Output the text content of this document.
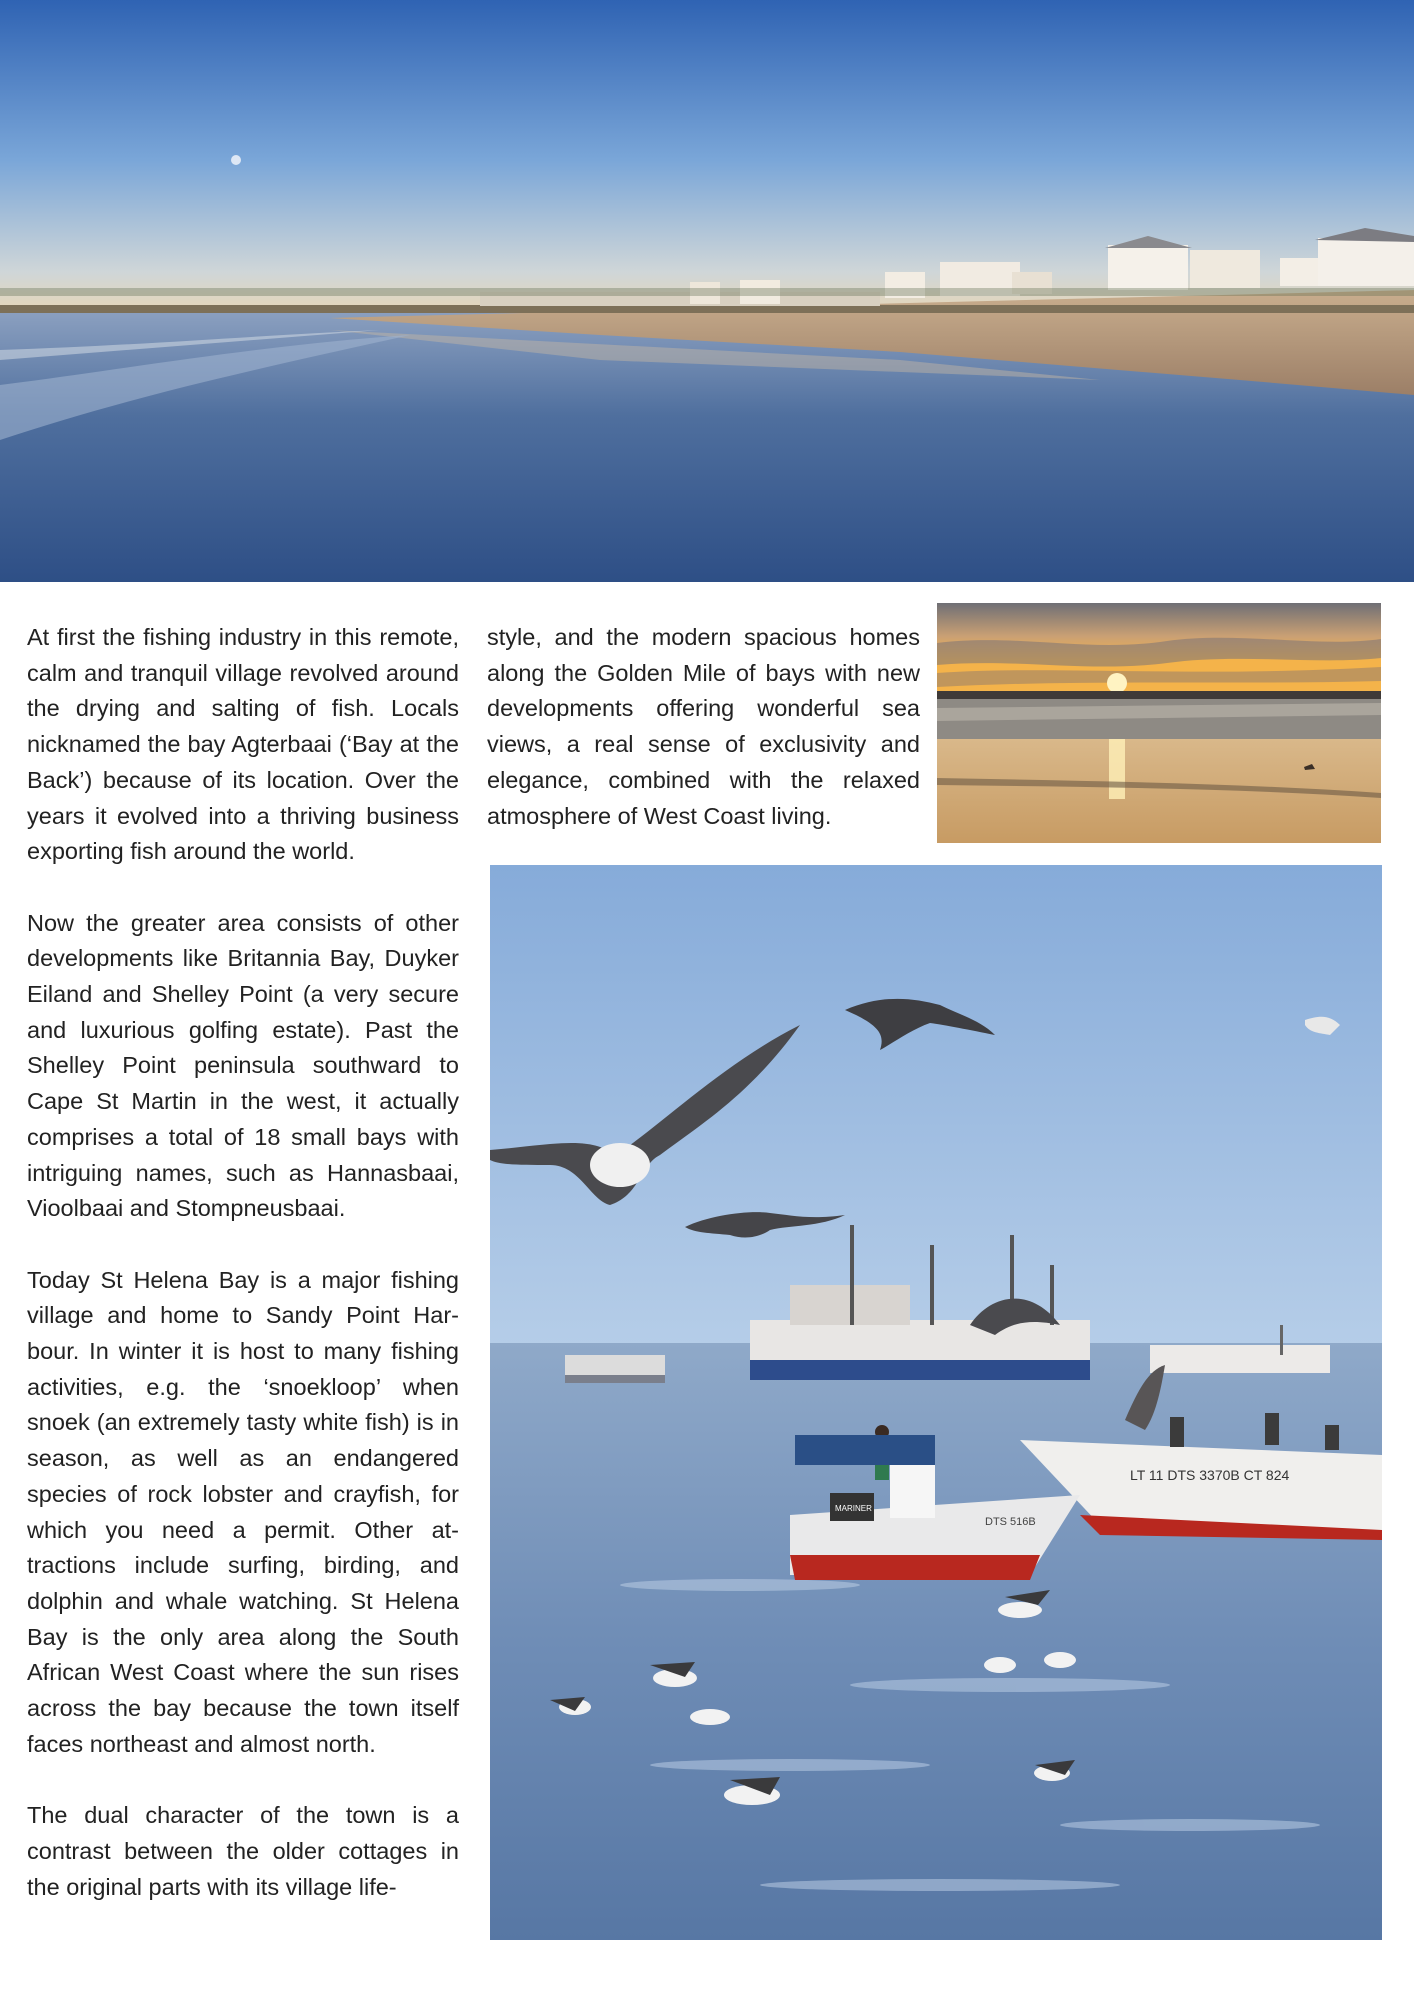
At first the fishing industry in this remote, calm and tranquil village revolved around the drying and salting of fish. Locals nicknamed the bay Agterbaai (‘Bay at the Back’) because of its location. Over the years it evolved into a thriving business exporting fish around the world.

Now the greater area consists of other developments like Britannia Bay, Duyker Eiland and Shelley Point (a very secure and luxurious golfing estate). Past the Shelley Point peninsula southward to Cape St Martin in the west, it actually comprises a total of 18 small bays with intriguing names, such as Hannasbaai, Vioolbaai and Stompneusbaai.

Today St Helena Bay is a major fishing village and home to Sandy Point Harbour. In winter it is host to many fishing activities, e.g. the ‘snoekloop’ when snoek (an extremely tasty white fish) is in season, as well as an endangered species of rock lobster and crayfish, for which you need a permit. Other attractions include surfing, birding, and dolphin and whale watching. St Helena Bay is the only area along the South African West Coast where the sun rises across the bay because the town itself faces northeast and almost north.

The dual character of the town is a contrast between the older cottages in the original parts with its village life-

style, and the modern spacious homes along the Golden Mile of bays with new developments offering wonderful sea views, a real sense of exclusivity and elegance, combined with the relaxed atmosphere of West Coast living.

LT 11 DTS 3370B CT 824
MARINER
DTS 516B
